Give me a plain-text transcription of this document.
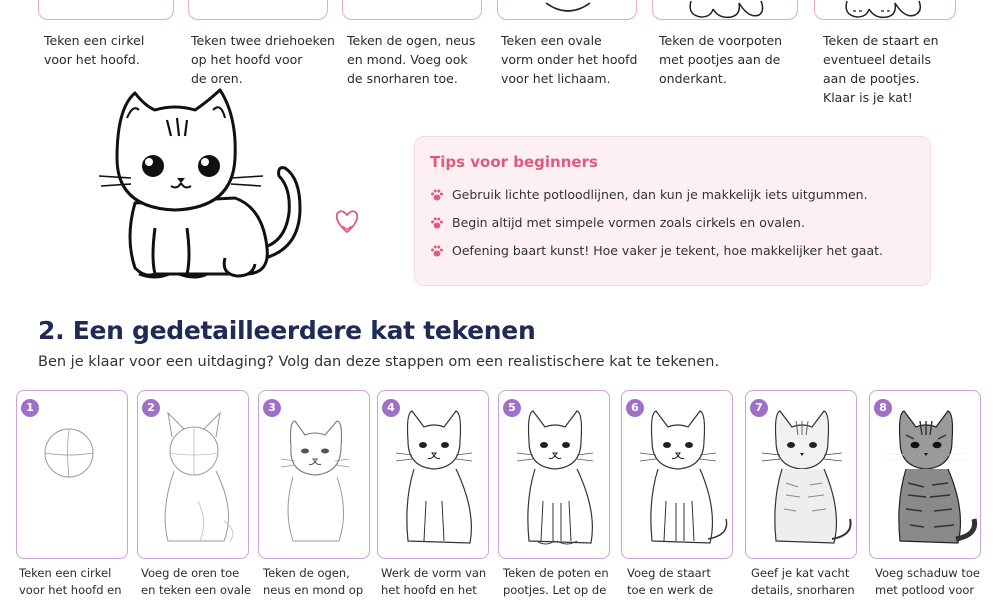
Teken een cirkel
voor het hoofd.
Teken twee driehoeken
op het hoofd voor
de oren.
Teken de ogen, neus
en mond. Voeg ook
de snorharen toe.
Teken een ovale
vorm onder het hoofd
voor het lichaam.
Teken de voorpoten
met pootjes aan de
onderkant.
Teken de staart en
eventueel details
aan de pootjes.
Klaar is je kat!
Tips voor beginners
Gebruik lichte potloodlijnen, dan kun je makkelijk iets uitgummen.
Begin altijd met simpele vormen zoals cirkels en ovalen.
Oefening baart kunst! Hoe vaker je tekent, hoe makkelijker het gaat.
2. Een gedetailleerdere kat tekenen
Ben je klaar voor een uitdaging? Volg dan deze stappen om een realistischere kat te tekenen.
1	2	3	4	5	6	7	8
Teken een cirkel
voor het hoofd en
Voeg de oren toe
en teken een ovale
Teken de ogen,
neus en mond op
Werk de vorm van
het hoofd en het
Teken de poten en
pootjes. Let op de
Voeg de staart
toe en werk de
Geef je kat vacht
details, snorharen
Voeg schaduw toe
met potlood voor
